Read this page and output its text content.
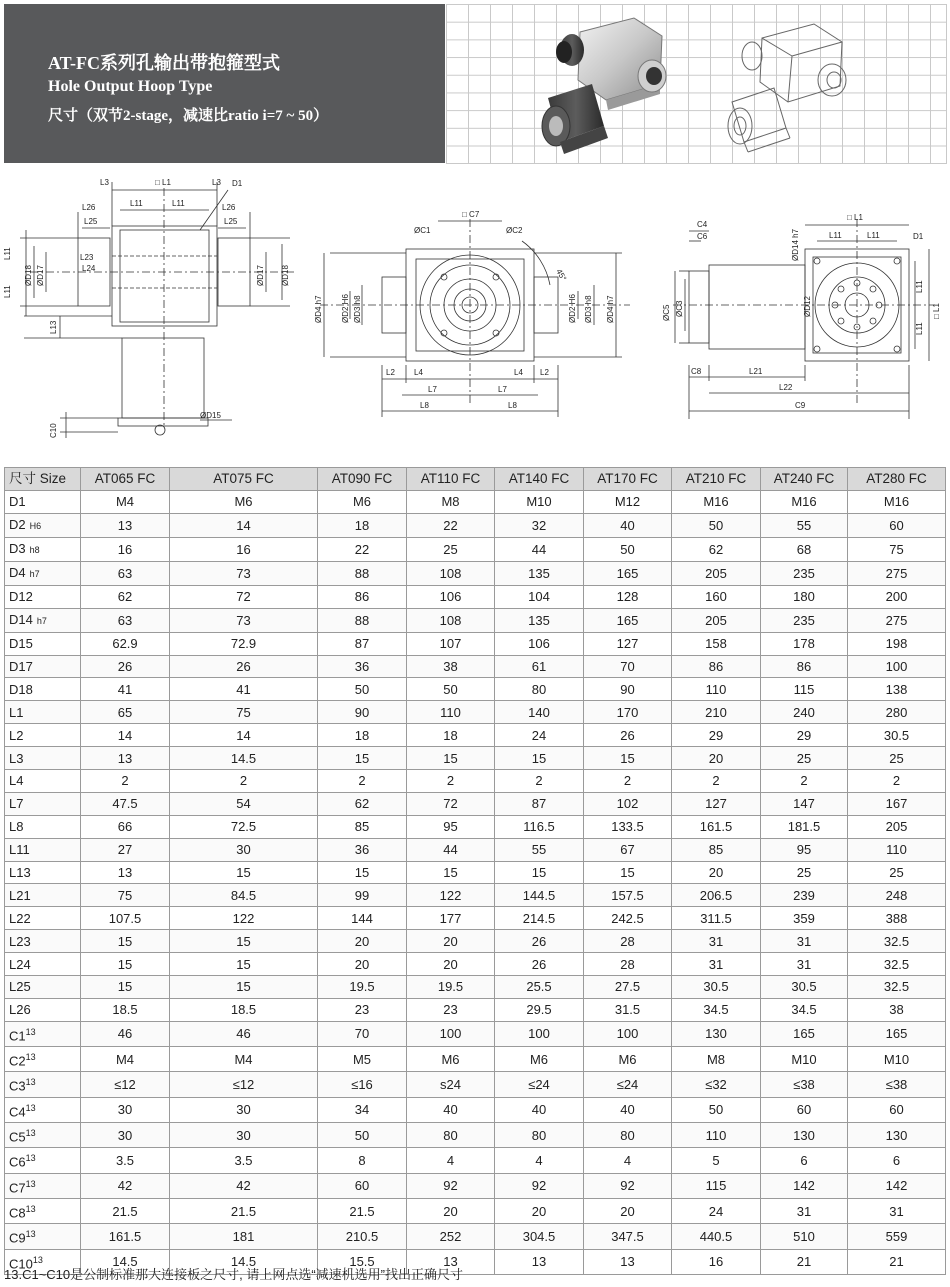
AT-FC系列孔输出带抱箍型式
Hole Output Hoop Type
尺寸（双节2-stage，减速比ratio i=7 ~ 50）
□ L1
L3	L3 D1
L26	L26
L11	L11
L25	L25
L11
L11
ØD18 ØD17	ØD17 ØD18
L23
L24
L13
ØD15
C10
□ C7
ØC1	ØC2
45°
ØD4 h7 ØD2 H6 ØD3 h8	ØD2 H6 ØD3 h8 ØD4 h7
L2 L4	L4 L2
L7	L7
L8	L8
C4
C6
□ L1
L11	L11
ØD14 h7	D1
ØC5 ØC3	ØD12
L11
L11
□ L1
C8	L21
L22
C9
尺寸 Size	AT065 FC	AT075 FC	AT090 FC	AT110 FC	AT140 FC	AT170 FC	AT210 FC	AT240 FC	AT280 FC
D1	M4	M6	M6	M8	M10	M12	M16	M16	M16
D2 H6	13	14	18	22	32	40	50	55	60
D3 h8	16	16	22	25	44	50	62	68	75
D4 h7	63	73	88	108	135	165	205	235	275
D12	62	72	86	106	104	128	160	180	200
D14 h7	63	73	88	108	135	165	205	235	275
D15	62.9	72.9	87	107	106	127	158	178	198
D17	26	26	36	38	61	70	86	86	100
D18	41	41	50	50	80	90	110	115	138
L1	65	75	90	110	140	170	210	240	280
L2	14	14	18	18	24	26	29	29	30.5
L3	13	14.5	15	15	15	15	20	25	25
L4	2	2	2	2	2	2	2	2	2
L7	47.5	54	62	72	87	102	127	147	167
L8	66	72.5	85	95	116.5	133.5	161.5	181.5	205
L11	27	30	36	44	55	67	85	95	110
L13	13	15	15	15	15	15	20	25	25
L21	75	84.5	99	122	144.5	157.5	206.5	239	248
L22	107.5	122	144	177	214.5	242.5	311.5	359	388
L23	15	15	20	20	26	28	31	31	32.5
L24	15	15	20	20	26	28	31	31	32.5
L25	15	15	19.5	19.5	25.5	27.5	30.5	30.5	32.5
L26	18.5	18.5	23	23	29.5	31.5	34.5	34.5	38
$C1^{13}$	46	46	70	100	100	100	130	165	165
$C2^{13}$	M4	M4	M5	M6	M6	M6	M8	M10	M10
$C3^{13}$	≤12	≤12	≤16	s24	≤24	≤24	≤32	≤38	≤38
$C4^{13}$	30	30	34	40	40	40	50	60	60
$C5^{13}$	30	30	50	80	80	80	110	130	130
$C6^{13}$	3.5	3.5	8	4	4	4	5	6	6
$C7^{13}$	42	42	60	92	92	92	115	142	142
$C8^{13}$	21.5	21.5	21.5	20	20	20	24	31	31
$C9^{13}$	161.5	181	210.5	252	304.5	347.5	440.5	510	559
$C10^{13}$	14.5	14.5	15.5	13	13	13	16	21	21
13.C1~C10是公制标准那大连接板之尺寸, 请上网点选“减速机选用”找出正确尺寸
